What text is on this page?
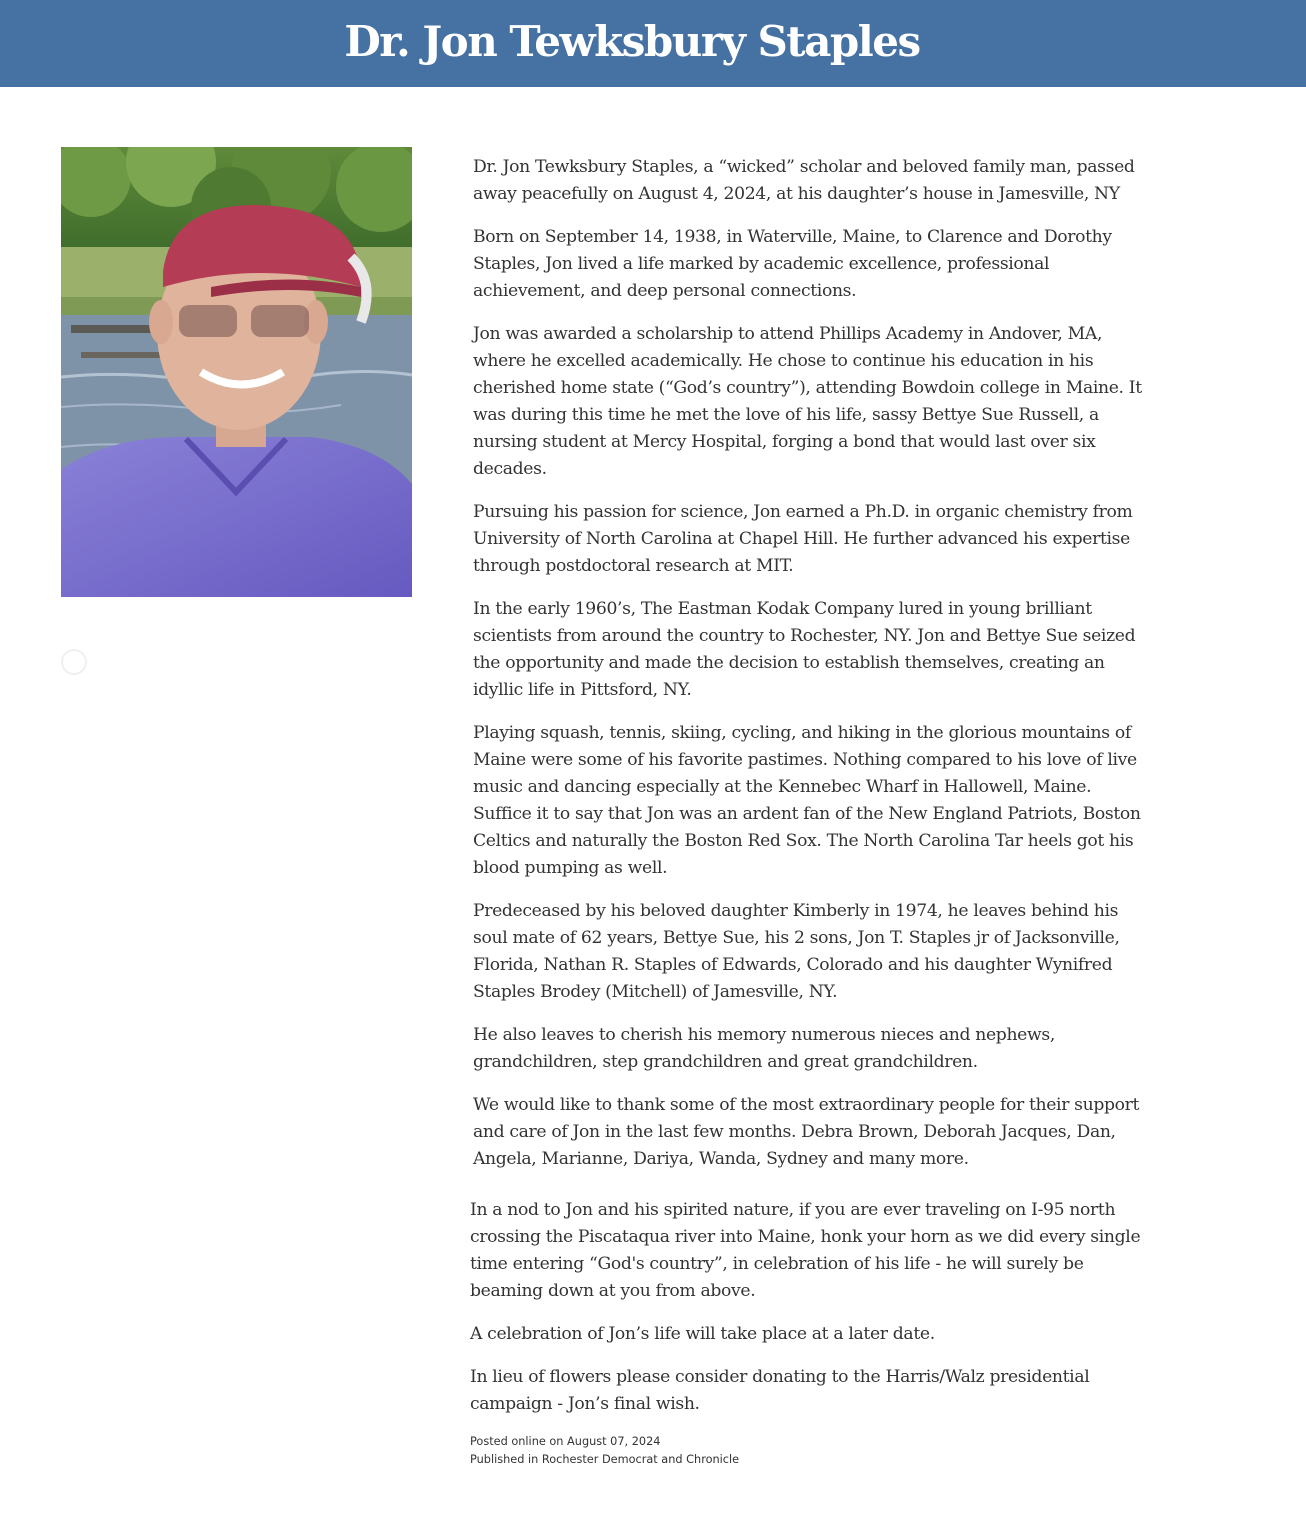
Dr. Jon Tewksbury Staples

Dr. Jon Tewksbury Staples, a “wicked” scholar and beloved family man, passed away peacefully on August 4, 2024, at his daughter’s house in Jamesville, NY

Born on September 14, 1938, in Waterville, Maine, to Clarence and Dorothy Staples, Jon lived a life marked by academic excellence, professional achievement, and deep personal connections.

Jon was awarded a scholarship to attend Phillips Academy in Andover, MA, where he excelled academically. He chose to continue his education in his cherished home state (“God’s country”), attending Bowdoin college in Maine. It was during this time he met the love of his life, sassy Bettye Sue Russell, a nursing student at Mercy Hospital, forging a bond that would last over six decades.

Pursuing his passion for science, Jon earned a Ph.D. in organic chemistry from University of North Carolina at Chapel Hill. He further advanced his expertise through postdoctoral research at MIT.

In the early 1960’s, The Eastman Kodak Company lured in young brilliant scientists from around the country to Rochester, NY. Jon and Bettye Sue seized the opportunity and made the decision to establish themselves, creating an idyllic life in Pittsford, NY.

Playing squash, tennis, skiing, cycling, and hiking in the glorious mountains of Maine were some of his favorite pastimes. Nothing compared to his love of live music and dancing especially at the Kennebec Wharf in Hallowell, Maine. Suffice it to say that Jon was an ardent fan of the New England Patriots, Boston Celtics and naturally the Boston Red Sox. The North Carolina Tar heels got his blood pumping as well.

Predeceased by his beloved daughter Kimberly in 1974, he leaves behind his soul mate of 62 years, Bettye Sue, his 2 sons, Jon T. Staples jr of Jacksonville, Florida, Nathan R. Staples of Edwards, Colorado and his daughter Wynifred Staples Brodey (Mitchell) of Jamesville, NY.

He also leaves to cherish his memory numerous nieces and nephews, grandchildren, step grandchildren and great grandchildren.

We would like to thank some of the most extraordinary people for their support and care of Jon in the last few months. Debra Brown, Deborah Jacques, Dan, Angela, Marianne, Dariya, Wanda, Sydney and many more.

In a nod to Jon and his spirited nature, if you are ever traveling on I-95 north crossing the Piscataqua river into Maine, honk your horn as we did every single time entering “God's country”, in celebration of his life - he will surely be beaming down at you from above.

A celebration of Jon’s life will take place at a later date.

In lieu of flowers please consider donating to the Harris/Walz presidential campaign - Jon’s final wish.

Posted online on August 07, 2024
Published in Rochester Democrat and Chronicle
